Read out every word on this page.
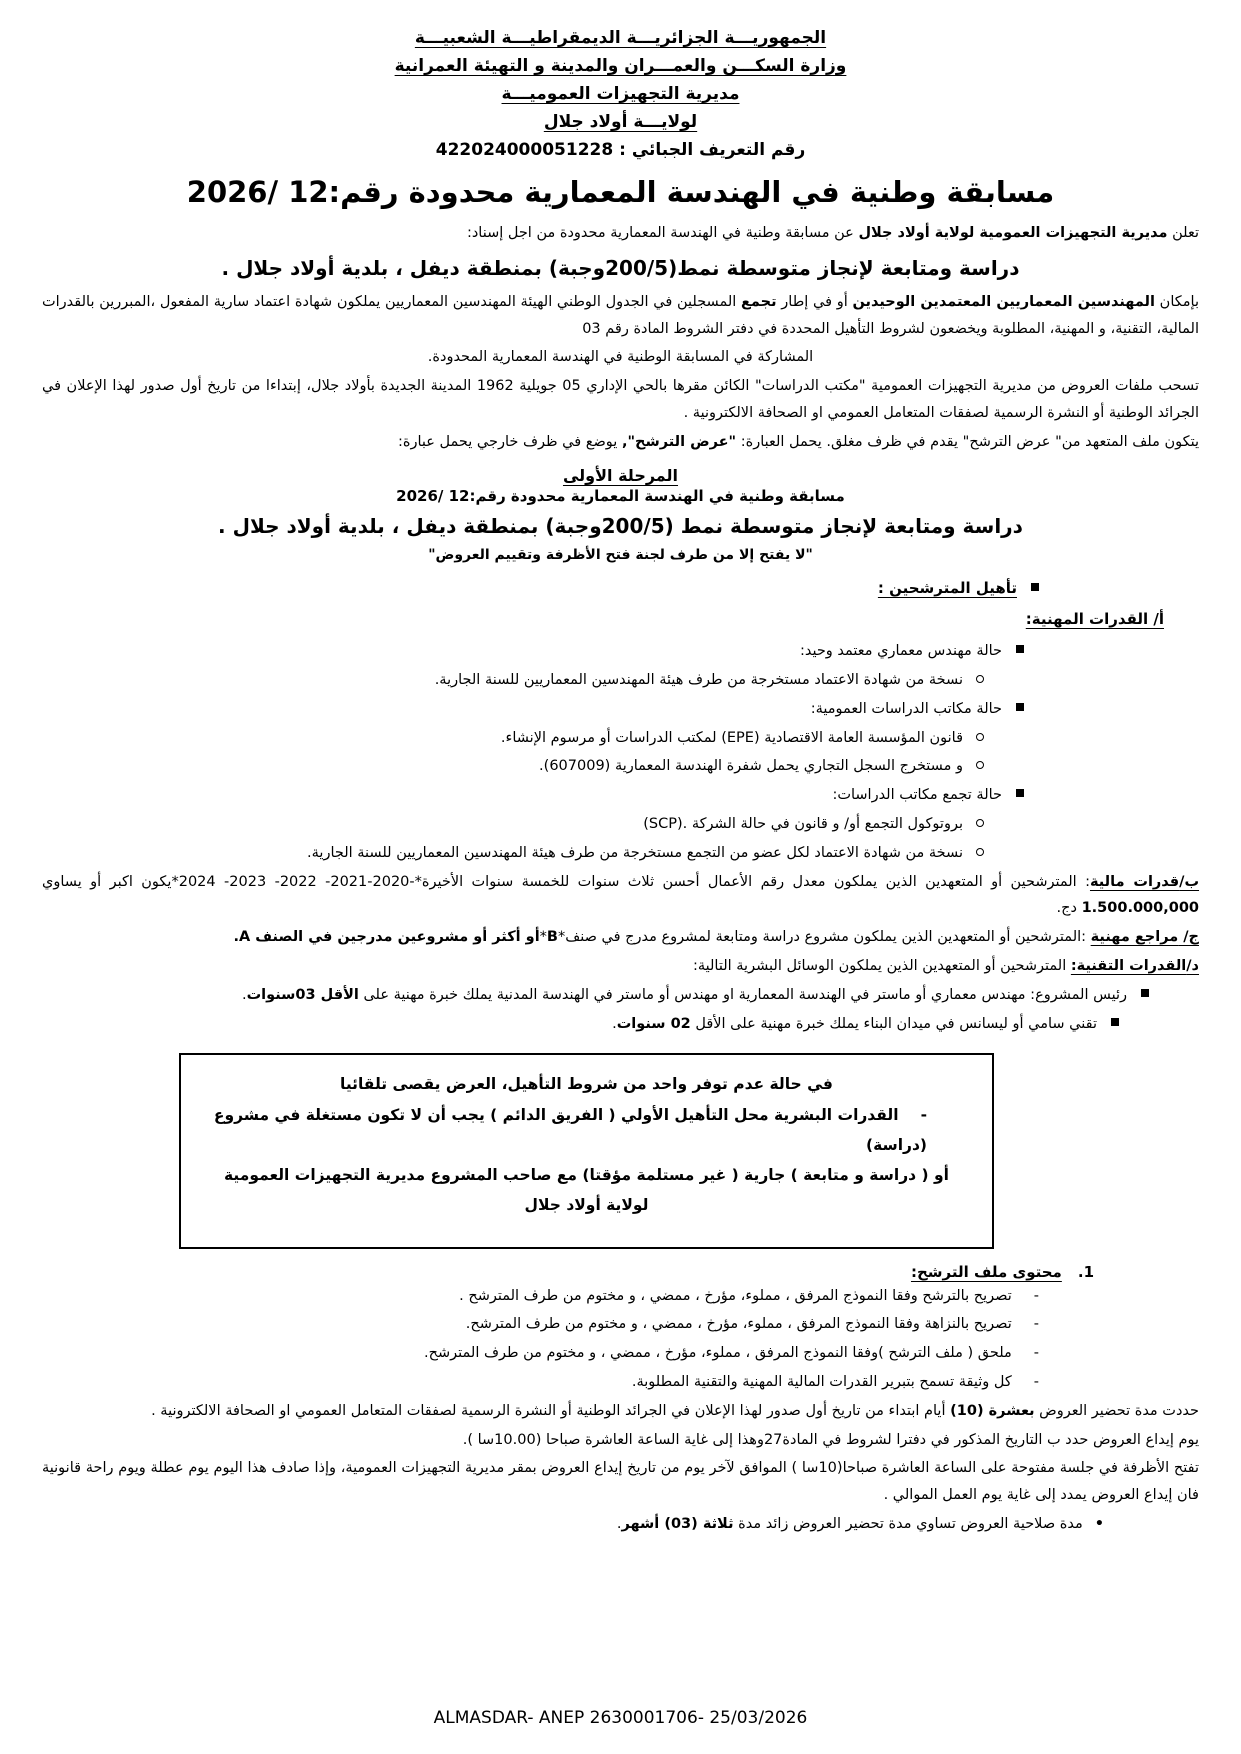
الجمهوريـــة الجزائريـــة الديمقراطيـــة الشعبيـــة
وزارة السكـــن والعمـــران والمدينة و التهيئة العمرانية
مديرية التجهيزات العموميـــة
لولايـــة أولاد جلال
رقم التعريف الجبائي : 422024000051228
مسابقة وطنية في الهندسة المعمارية محدودة رقم:12 /2026

تعلن مديرية التجهيزات العمومية لولاية أولاد جلال عن مسابقة وطنية في الهندسة المعمارية محدودة من اجل إسناد:

دراسة ومتابعة لإنجاز متوسطة نمط(200/5وجبة) بمنطقة ديفل ، بلدية أولاد جلال .

بإمكان المهندسين المعماريين المعتمدين الوحيدين أو في إطار تجمع المسجلين في الجدول الوطني الهيئة المهندسين المعماريين يملكون شهادة اعتماد سارية المفعول ،المبررين بالقدرات المالية، التقنية، و المهنية، المطلوبة ويخضعون لشروط التأهيل المحددة في دفتر الشروط المادة رقم 03

المشاركة في المسابقة الوطنية في الهندسة المعمارية المحدودة.

تسحب ملفات العروض من مديرية التجهيزات العمومية "مكتب الدراسات" الكائن مقرها بالحي الإداري 05 جويلية 1962 المدينة الجديدة بأولاد جلال، إبتداءا من تاريخ أول صدور لهذا الإعلان في الجرائد الوطنية أو النشرة الرسمية لصفقات المتعامل العمومي او الصحافة الالكترونية .

يتكون ملف المتعهد من" عرض الترشح" يقدم في ظرف مغلق. يحمل العبارة: "عرض الترشح", يوضع في ظرف خارجي يحمل عبارة:

المرحلة الأولى
مسابقة وطنية في الهندسة المعمارية محدودة رقم:12 /2026
دراسة ومتابعة لإنجاز متوسطة نمط (200/5وجبة) بمنطقة ديفل ، بلدية أولاد جلال .
"لا يفتح إلا من طرف لجنة فتح الأظرفة وتقييم العروض"
تأهيل المترشحين :
أ/ القدرات المهنية:
حالة مهندس معماري معتمد وحيد:
نسخة من شهادة الاعتماد مستخرجة من طرف هيئة المهندسين المعماريين للسنة الجارية.
حالة مكاتب الدراسات العمومية:
قانون المؤسسة العامة الاقتصادية (EPE) لمكتب الدراسات أو مرسوم الإنشاء.
و مستخرج السجل التجاري يحمل شفرة الهندسة المعمارية (607009).
حالة تجمع مكاتب الدراسات:
بروتوكول التجمع أو/ و قانون في حالة الشركة .(SCP)
نسخة من شهادة الاعتماد لكل عضو من التجمع مستخرجة من طرف هيئة المهندسين المعماريين للسنة الجارية.

ب/قدرات مالية: المترشحين أو المتعهدين الذين يملكون معدل رقم الأعمال أحسن ثلاث سنوات للخمسة سنوات الأخيرة*-2020-2021- 2022- 2023- 2024*يكون اكبر أو يساوي 1.500.000,000 دج.

ج/ مراجع مهنية :المترشحين أو المتعهدين الذين يملكون مشروع دراسة ومتابعة لمشروع مدرج في صنف*B*أو أكثر أو مشروعين مدرجين في الصنف A.

د/القدرات التقنية: المترشحين أو المتعهدين الذين يملكون الوسائل البشرية التالية:

رئيس المشروع: مهندس معماري أو ماستر في الهندسة المعمارية او مهندس أو ماستر في الهندسة المدنية يملك خبرة مهنية على الأقل 03سنوات.
تقني سامي أو ليسانس في ميدان البناء يملك خبرة مهنية على الأقل 02 سنوات.
في حالة عدم توفر واحد من شروط التأهيل، العرض يقصى تلقائيا
-القدرات البشرية محل التأهيل الأولي ( الفريق الدائم ) يجب أن لا تكون مستغلة في مشروع (دراسة)
أو ( دراسة و متابعة ) جارية ( غير مستلمة مؤقتا) مع صاحب المشروع مديرية التجهيزات العمومية
لولاية أولاد جلال
1.محتوى ملف الترشح:
-تصريح بالترشح وفقا النموذج المرفق ، مملوء، مؤرخ ، ممضي ، و مختوم من طرف المترشح .
-تصريح بالنزاهة وفقا النموذج المرفق ، مملوء، مؤرخ ، ممضي ، و مختوم من طرف المترشح.
-ملحق ( ملف الترشح )وفقا النموذج المرفق ، مملوء، مؤرخ ، ممضي ، و مختوم من طرف المترشح.
-كل وثيقة تسمح بتبرير القدرات المالية المهنية والتقنية المطلوبة.

حددت مدة تحضير العروض بعشرة (10) أيام ابتداء من تاريخ أول صدور لهذا الإعلان في الجرائد الوطنية أو النشرة الرسمية لصفقات المتعامل العمومي او الصحافة الالكترونية .

يوم إيداع العروض حدد ب التاريخ المذكور في دفترا لشروط في المادة27وهذا إلى غاية الساعة العاشرة صباحا (10.00سا ).

تفتح الأظرفة في جلسة مفتوحة على الساعة العاشرة صباحا(10سا ) الموافق لآخر يوم من تاريخ إيداع العروض بمقر مديرية التجهيزات العمومية، وإذا صادف هذا اليوم يوم عطلة ويوم راحة قانونية فان إيداع العروض يمدد إلى غاية يوم العمل الموالي .

•مدة صلاحية العروض تساوي مدة تحضير العروض زائد مدة ثلاثة (03) أشهر.
ALMASDAR- ANEP 2630001706- 25/03/2026
